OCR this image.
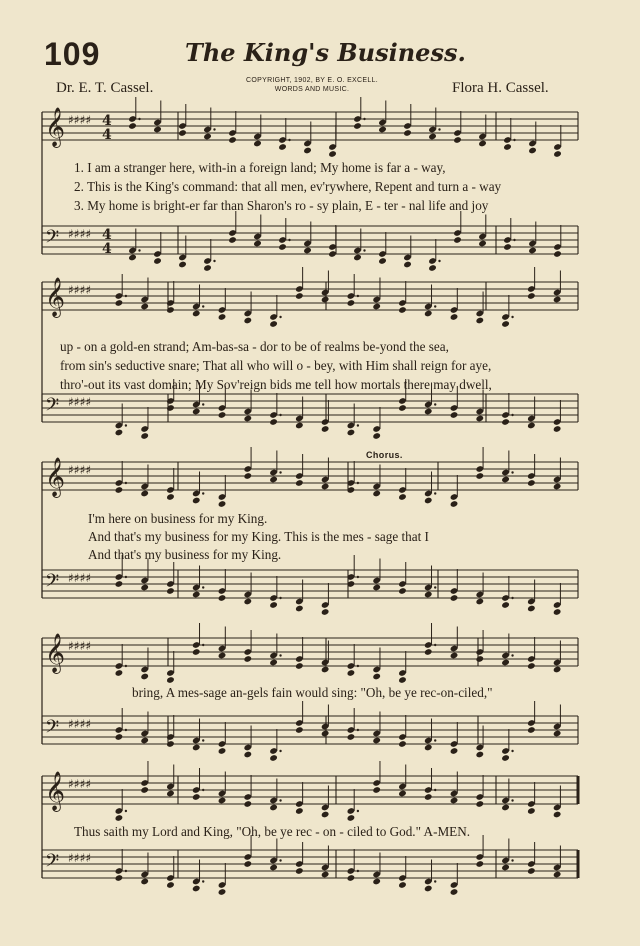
109	The King's Business.
Dr. E. T. Cassel.	COPYRIGHT, 1902, BY E. O. EXCELL.
WORDS AND MUSIC.	Flora H. Cassel.
𝄞 ♯♯♯♯ 4
4
𝄢 ♯♯♯♯ 4
4
𝄞 ♯♯♯♯
𝄢 ♯♯♯♯
𝄞 ♯♯♯♯
𝄢 ♯♯♯♯
𝄞 ♯♯♯♯
𝄢 ♯♯♯♯
𝄞 ♯♯♯♯
𝄢 ♯♯♯♯
1. I am a stranger here, with-in a foreign land; My home is far a - way,
2. This is the King's command: that all men, ev'rywhere, Repent and turn a - way
3. My home is bright-er far than Sharon's ro - sy plain, E - ter - nal life and joy
up - on a gold-en strand; Am-bas-sa - dor to be of realms be-yond the sea,
from sin's seductive snare; That all who will o - bey, with Him shall reign for aye,
thro'-out its vast domain; My Sov'reign bids me tell how mortals there may dwell,
Chorus.
I'm here on business for my King.
And that's my business for my King. This is the mes - sage that I
And that's my business for my King.
bring, A mes-sage an-gels fain would sing: "Oh, be ye rec-on-ciled,"
Thus saith my Lord and King, "Oh, be ye rec - on - ciled to God." A-MEN.
